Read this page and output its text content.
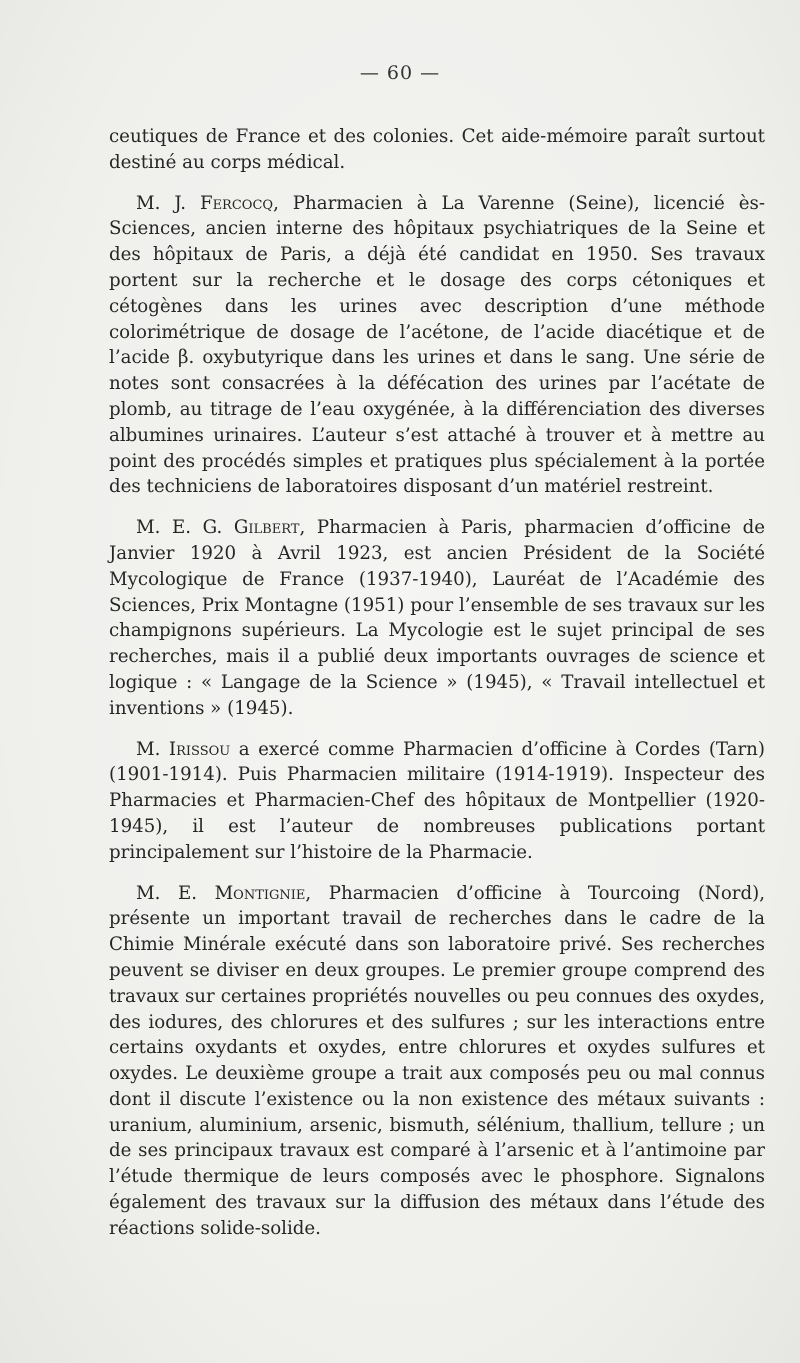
— 60 —

ceutiques de France et des colonies. Cet aide-mémoire paraît surtout destiné au corps médical.

M. J. Fercocq, Pharmacien à La Varenne (Seine), licencié ès-Sciences, ancien interne des hôpitaux psychiatriques de la Seine et des hôpitaux de Paris, a déjà été candidat en 1950. Ses travaux portent sur la recherche et le dosage des corps cétoniques et cétogènes dans les urines avec description d’une méthode colorimétrique de dosage de l’acétone, de l’acide diacétique et de l’acide β. oxybutyrique dans les urines et dans le sang. Une série de notes sont consacrées à la défécation des urines par l’acétate de plomb, au titrage de l’eau oxygénée, à la différenciation des diverses albumines urinaires. L’auteur s’est attaché à trouver et à mettre au point des procédés simples et pratiques plus spécialement à la portée des techniciens de laboratoires disposant d’un matériel restreint.

M. E. G. Gilbert, Pharmacien à Paris, pharmacien d’officine de Janvier 1920 à Avril 1923, est ancien Président de la Société Mycologique de France (1937-1940), Lauréat de l’Académie des Sciences, Prix Montagne (1951) pour l’ensemble de ses travaux sur les champignons supérieurs. La Mycologie est le sujet principal de ses recherches, mais il a publié deux importants ouvrages de science et logique : « Langage de la Science » (1945), « Travail intellectuel et inventions » (1945).

M. Irissou a exercé comme Pharmacien d’officine à Cordes (Tarn) (1901-1914). Puis Pharmacien militaire (1914-1919). Inspecteur des Pharmacies et Pharmacien-Chef des hôpitaux de Montpellier (1920-1945), il est l’auteur de nombreuses publications portant principalement sur l’histoire de la Pharmacie.

M. E. Montignie, Pharmacien d’officine à Tourcoing (Nord), présente un important travail de recherches dans le cadre de la Chimie Minérale exécuté dans son laboratoire privé. Ses recherches peuvent se diviser en deux groupes. Le premier groupe comprend des travaux sur certaines propriétés nouvelles ou peu connues des oxydes, des iodures, des chlorures et des sulfures ; sur les interactions entre certains oxydants et oxydes, entre chlorures et oxydes sulfures et oxydes. Le deuxième groupe a trait aux composés peu ou mal connus dont il discute l’existence ou la non existence des métaux suivants : uranium, aluminium, arsenic, bismuth, sélénium, thallium, tellure ; un de ses principaux travaux est comparé à l’arsenic et à l’antimoine par l’étude thermique de leurs composés avec le phosphore. Signalons également des travaux sur la diffusion des métaux dans l’étude des réactions solide-solide.
